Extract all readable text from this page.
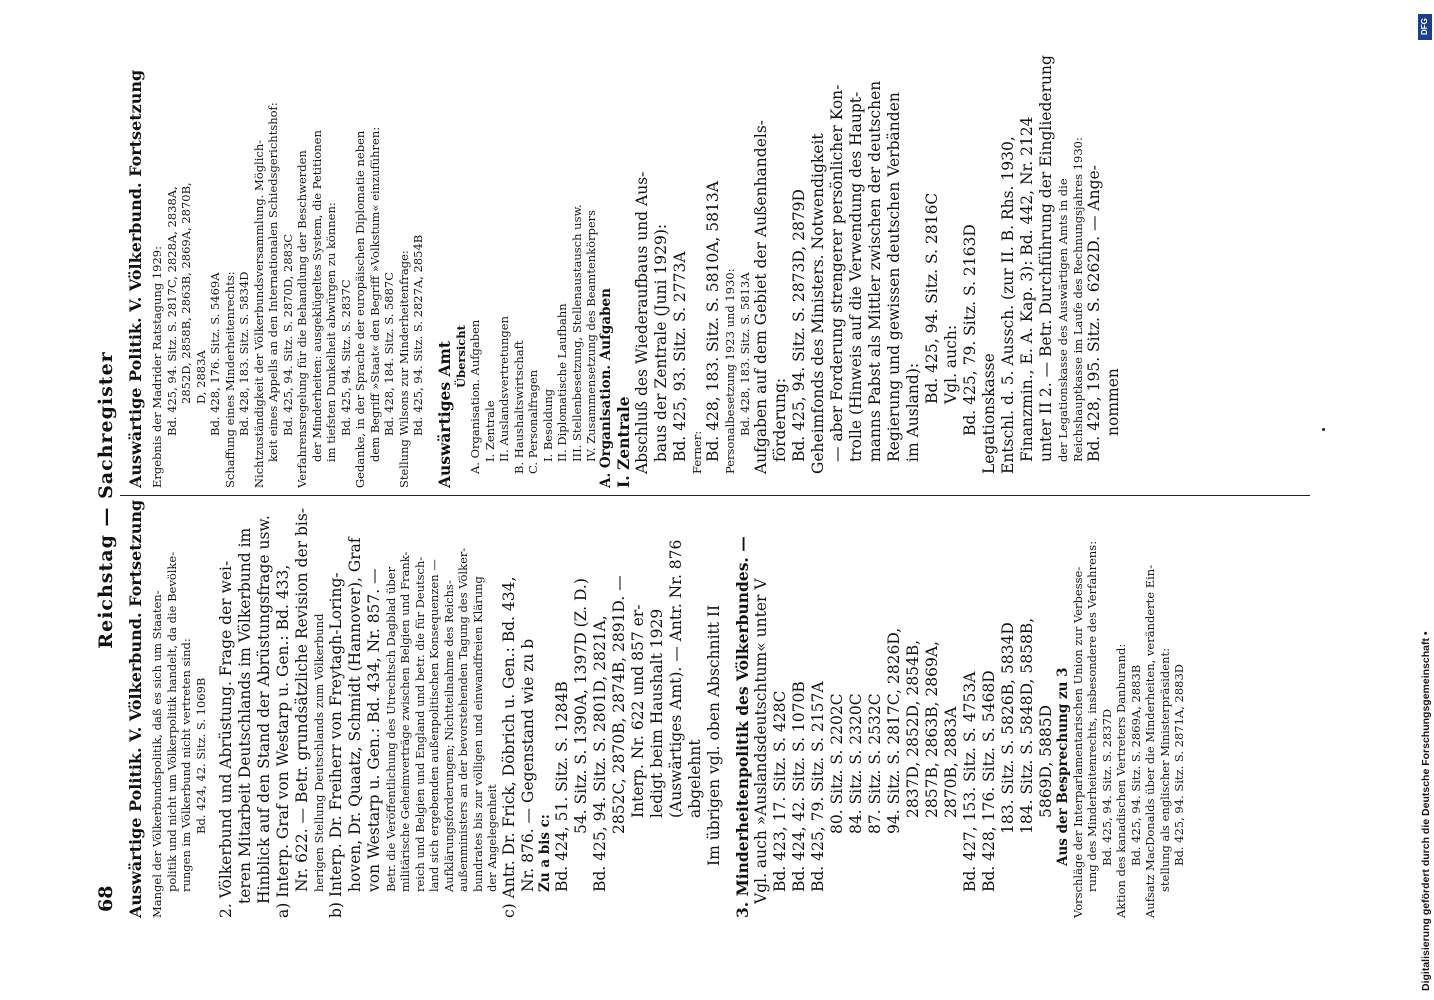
68
Reichstag — Sachregister Auswärtige Politik. V. Völkerbund. Fortsetzung Mangel der Völkerbundspolitik, daß es sich um Staaten- politik und nicht um Völkerpolitik handelt, da die Bevölke- rungen im Völkerbund nicht vertreten sind: Bd. 424, 42. Sitz. S. 1069B 2. Völkerbund und Abrüstung. Frage der wei- teren Mitarbeit Deutschlands im Völkerbund im Hinblick auf den Stand der Abrüstungsfrage usw. a) Interp. Graf von Westarp u. Gen.: Bd. 433, Nr. 622. — Betr. grundsätzliche Revision der bis- herigen Stellung Deutschlands zum Völkerbund b) Interp. Dr. Freiherr von Freytagh-Loring- hoven, Dr. Quaatz, Schmidt (Hannover), Graf von Westarp u. Gen.: Bd. 434, Nr. 857. — Betr. die Veröffentlichung des Utrechtsch Dagblad über militärische Geheimverträge zwischen Belgien und Frank- reich und Belgien und England und betr. die für Deutsch- land sich ergebenden außenpolitischen Konsequenzen — Aufklärungsforderungen; Nichtteilnahme des Reichs- außenministers an der bevorstehenden Tagung des Völker- bundrates bis zur völligen und einwandfreien Klärung der Angelegenheit c) Antr. Dr. Frick, Döbrich u. Gen.: Bd. 434, Nr. 876. — Gegenstand wie zu b Zu a bis c: Bd. 424, 51. Sitz. S. 1284B 54. Sitz. S. 1390A, 1397D (Z. D.) Bd. 425, 94. Sitz. S. 2801D, 2821A, 2852C, 2870B, 2874B, 2891D. — Interp. Nr. 622 und 857 er- ledigt beim Haushalt 1929 (Auswärtiges Amt). — Antr. Nr. 876 abgelehnt Im übrigen vgl. oben Abschnitt II 3. Minderheitenpolitik des Völkerbundes. — Vgl. auch »Auslandsdeutschtum« unter V Bd. 423, 17. Sitz. S. 428C Bd. 424, 42. Sitz. S. 1070B Bd. 425, 79. Sitz. S. 2157A 80. Sitz. S. 2202C 84. Sitz. S. 2320C 87. Sitz. S. 2532C 94. Sitz. S. 2817C, 2826D, 2837D, 2852D, 2854B, 2857B, 2863B, 2869A, 2870B, 2883A Bd. 427, 153. Sitz. S. 4753A Bd. 428, 176. Sitz. S. 5468D 183. Sitz. S. 5826B, 5834D 184. Sitz. S. 5848D, 5858B, 5869D, 5885D Aus der Besprechung zu 3 Vorschläge der Interparlamentarischen Union zur Verbesse- rung des Minderheitenrechts, insbesondere des Verfahrens: Bd. 425, 94. Sitz. S. 2837D Aktion des kanadischen Vertreters Danburand: Bd. 425, 94. Sitz. S. 2869A, 2883B Aufsatz MacDonalds über die Minderheiten, veränderte Ein- stellung als englischer Ministerpräsident: Bd. 425, 94. Sitz. S. 2871A, 2883D
Auswärtige Politik. V. Völkerbund. Fortsetzung Ergebnis der Madrider Ratstagung 1929: Bd. 425, 94. Sitz. S. 2817C, 2828A, 2838A, 2852D, 2858B, 2863B, 2869A, 2870B, D, 2883A Bd. 428, 176. Sitz. S. 5469A Schaffung eines Minderheitenrechts: Bd. 428, 183. Sitz. S. 5834D Nichtzuständigkeit der Völkerbundsversammlung. Möglich- keit eines Appells an den Internationalen Schiedsgerichtshof: Bd. 425, 94. Sitz. S. 2870D, 2883C Verfahrensregelung für die Behandlung der Beschwerden der Minderheiten: ausgeklügeltes System, die Petitionen im tiefsten Dunkelheit abwürgen zu können: Bd. 425, 94. Sitz. S. 2837C Gedanke, in der Sprache der europäischen Diplomatie neben dem Begriff »Staat« den Begriff »Volkstum« einzuführen: Bd. 428, 184. Sitz. S. 5887C Stellung Wilsons zur Minderheitenfrage: Bd. 425, 94. Sitz. S. 2827A, 2854B Auswärtiges Amt Übersicht A. Organisation. Aufgaben I. Zentrale II. Auslandsvertretungen B. Haushaltswirtschaft C. Personalfragen I. Besoldung II. Diplomatische Laufbahn III. Stellenbesetzung, Stellenaustausch usw. IV. Zusammensetzung des Beamtenkörpers A. Organisation. Aufgaben I. Zentrale Abschluß des Wiederaufbaus und Aus- baus der Zentrale (Juni 1929): Bd. 425, 93. Sitz. S. 2773A Ferner: Bd. 428, 183. Sitz. S. 5810A, 5813A Personalbesetzung 1923 und 1930: Bd. 428, 183. Sitz. S. 5813A Aufgaben auf dem Gebiet der Außenhandels- förderung: Bd. 425, 94. Sitz. S. 2873D, 2879D Geheimfonds des Ministers. Notwendigkeit — aber Forderung strengerer persönlicher Kon- trolle (Hinweis auf die Verwendung des Haupt- manns Pabst als Mittler zwischen der deutschen Regierung und gewissen deutschen Verbänden im Ausland):
Bd. 425, 94. Sitz. S. 2816C Vgl. auch: Bd. 425, 79. Sitz. S. 2163D Legationskasse Entschl. d. 5. Aussch. (zur II. B. Rhs. 1930, Finanzmin., E. A. Kap. 3): Bd. 442, Nr. 2124 unter II 2. — Betr. Durchführung der Eingliederung der Legationskasse des Auswärtigen Amts in die Reichshauptkasse im Laufe des Rechnungsjahres 1930: Bd. 428, 195. Sitz. S. 6262D. — Ange- nommen
DFG
Digitalisierung gefördert durch die Deutsche Forschungsgemeinschaft •
